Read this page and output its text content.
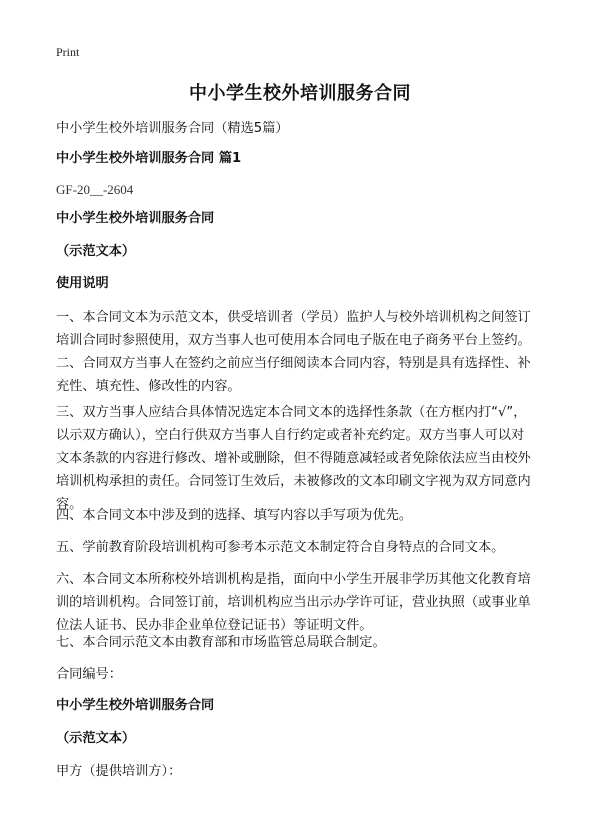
Print
中小学生校外培训服务合同
中小学生校外培训服务合同（精选5篇）
中小学生校外培训服务合同 篇1
GF-20__-2604
中小学生校外培训服务合同
（示范文本）
使用说明
一、本合同文本为示范文本，供受培训者（学员）监护人与校外培训机构之间签订
培训合同时参照使用，双方当事人也可使用本合同电子版在电子商务平台上签约。
二、合同双方当事人在签约之前应当仔细阅读本合同内容，特别是具有选择性、补
充性、填充性、修改性的内容。
三、双方当事人应结合具体情况选定本合同文本的选择性条款（在方框内打“√”，
以示双方确认），空白行供双方当事人自行约定或者补充约定。双方当事人可以对
文本条款的内容进行修改、增补或删除，但不得随意减轻或者免除依法应当由校外
培训机构承担的责任。合同签订生效后，未被修改的文本印刷文字视为双方同意内
容。
四、本合同文本中涉及到的选择、填写内容以手写项为优先。
五、学前教育阶段培训机构可参考本示范文本制定符合自身特点的合同文本。
六、本合同文本所称校外培训机构是指，面向中小学生开展非学历其他文化教育培
训的培训机构。合同签订前，培训机构应当出示办学许可证，营业执照（或事业单
位法人证书、民办非企业单位登记证书）等证明文件。
七、本合同示范文本由教育部和市场监管总局联合制定。
合同编号：
中小学生校外培训服务合同
（示范文本）
甲方（提供培训方）：
